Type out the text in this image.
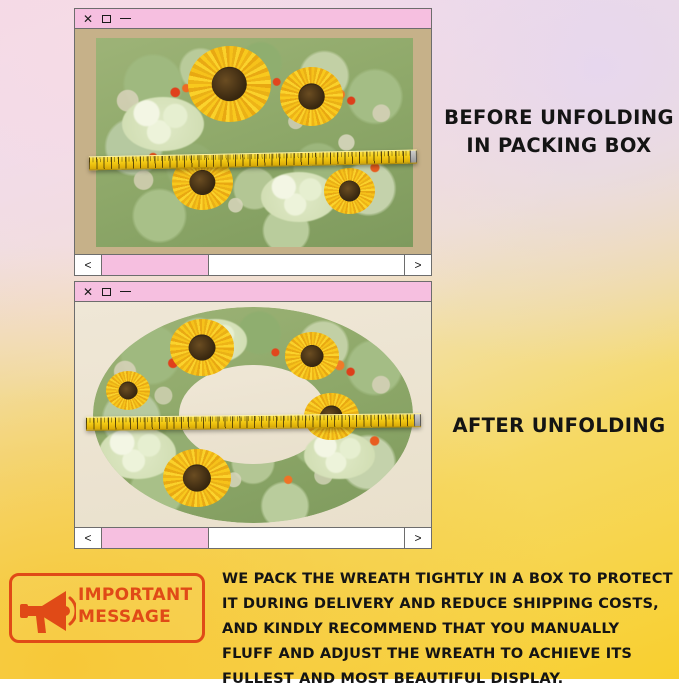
✕
<	>
✕
<	>
BEFORE UNFOLDING
IN PACKING BOX
AFTER UNFOLDING
IMPORTANT
MESSAGE
WE PACK THE WREATH TIGHTLY IN A BOX TO PROTECT IT DURING DELIVERY AND REDUCE SHIPPING COSTS, AND KINDLY RECOMMEND THAT YOU MANUALLY FLUFF AND ADJUST THE WREATH TO ACHIEVE ITS FULLEST AND MOST BEAUTIFUL DISPLAY.
